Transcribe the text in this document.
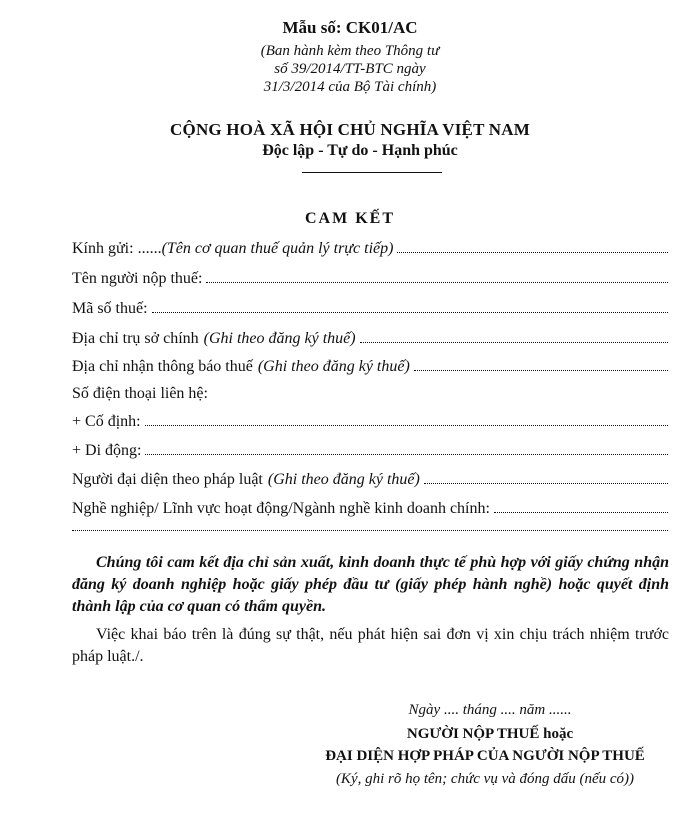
Mẫu số: CK01/AC
(Ban hành kèm theo Thông tư
số 39/2014/TT-BTC ngày
31/3/2014 của Bộ Tài chính)
CỘNG HOÀ XÃ HỘI CHỦ NGHĨA VIỆT NAM
Độc lập - Tự do - Hạnh phúc
CAM KẾT
Kính gửi: ...... (Tên cơ quan thuế quản lý trực tiếp)
Tên người nộp thuế:
Mã số thuế:
Địa chỉ trụ sở chính (Ghi theo đăng ký thuế)
Địa chỉ nhận thông báo thuế (Ghi theo đăng ký thuế)
Số điện thoại liên hệ:
+ Cố định:
+ Di động:
Người đại diện theo pháp luật (Ghi theo đăng ký thuế)
Nghề nghiệp/ Lĩnh vực hoạt động/Ngành nghề kinh doanh chính:
Chúng tôi cam kết địa chỉ sản xuất, kinh doanh thực tế phù hợp với giấy chứng nhận đăng ký doanh nghiệp hoặc giấy phép đầu tư (giấy phép hành nghề) hoặc quyết định thành lập của cơ quan có thẩm quyền.
Việc khai báo trên là đúng sự thật, nếu phát hiện sai đơn vị xin chịu trách nhiệm trước pháp luật./.
Ngày .... tháng .... năm ......
NGƯỜI NỘP THUẾ hoặc
ĐẠI DIỆN HỢP PHÁP CỦA NGƯỜI NỘP THUẾ
(Ký, ghi rõ họ tên; chức vụ và đóng dấu (nếu có))
